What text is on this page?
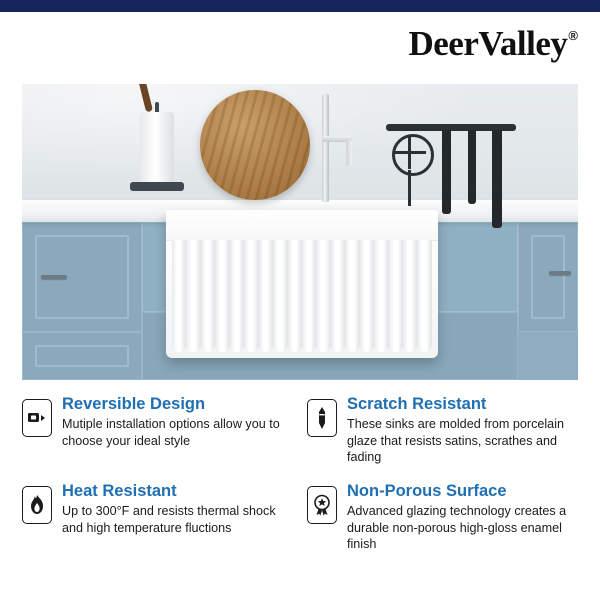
DeerValley ®

Reversible Design

Mutiple installation options allow you to choose your ideal style

Scratch Resistant

These sinks are molded from porcelain glaze that resists satins, scrathes and fading

Heat Resistant

Up to 300°F and resists thermal shock and high temperature fluctions

Non-Porous Surface

Advanced glazing technology creates a durable non-porous high-gloss enamel finish
